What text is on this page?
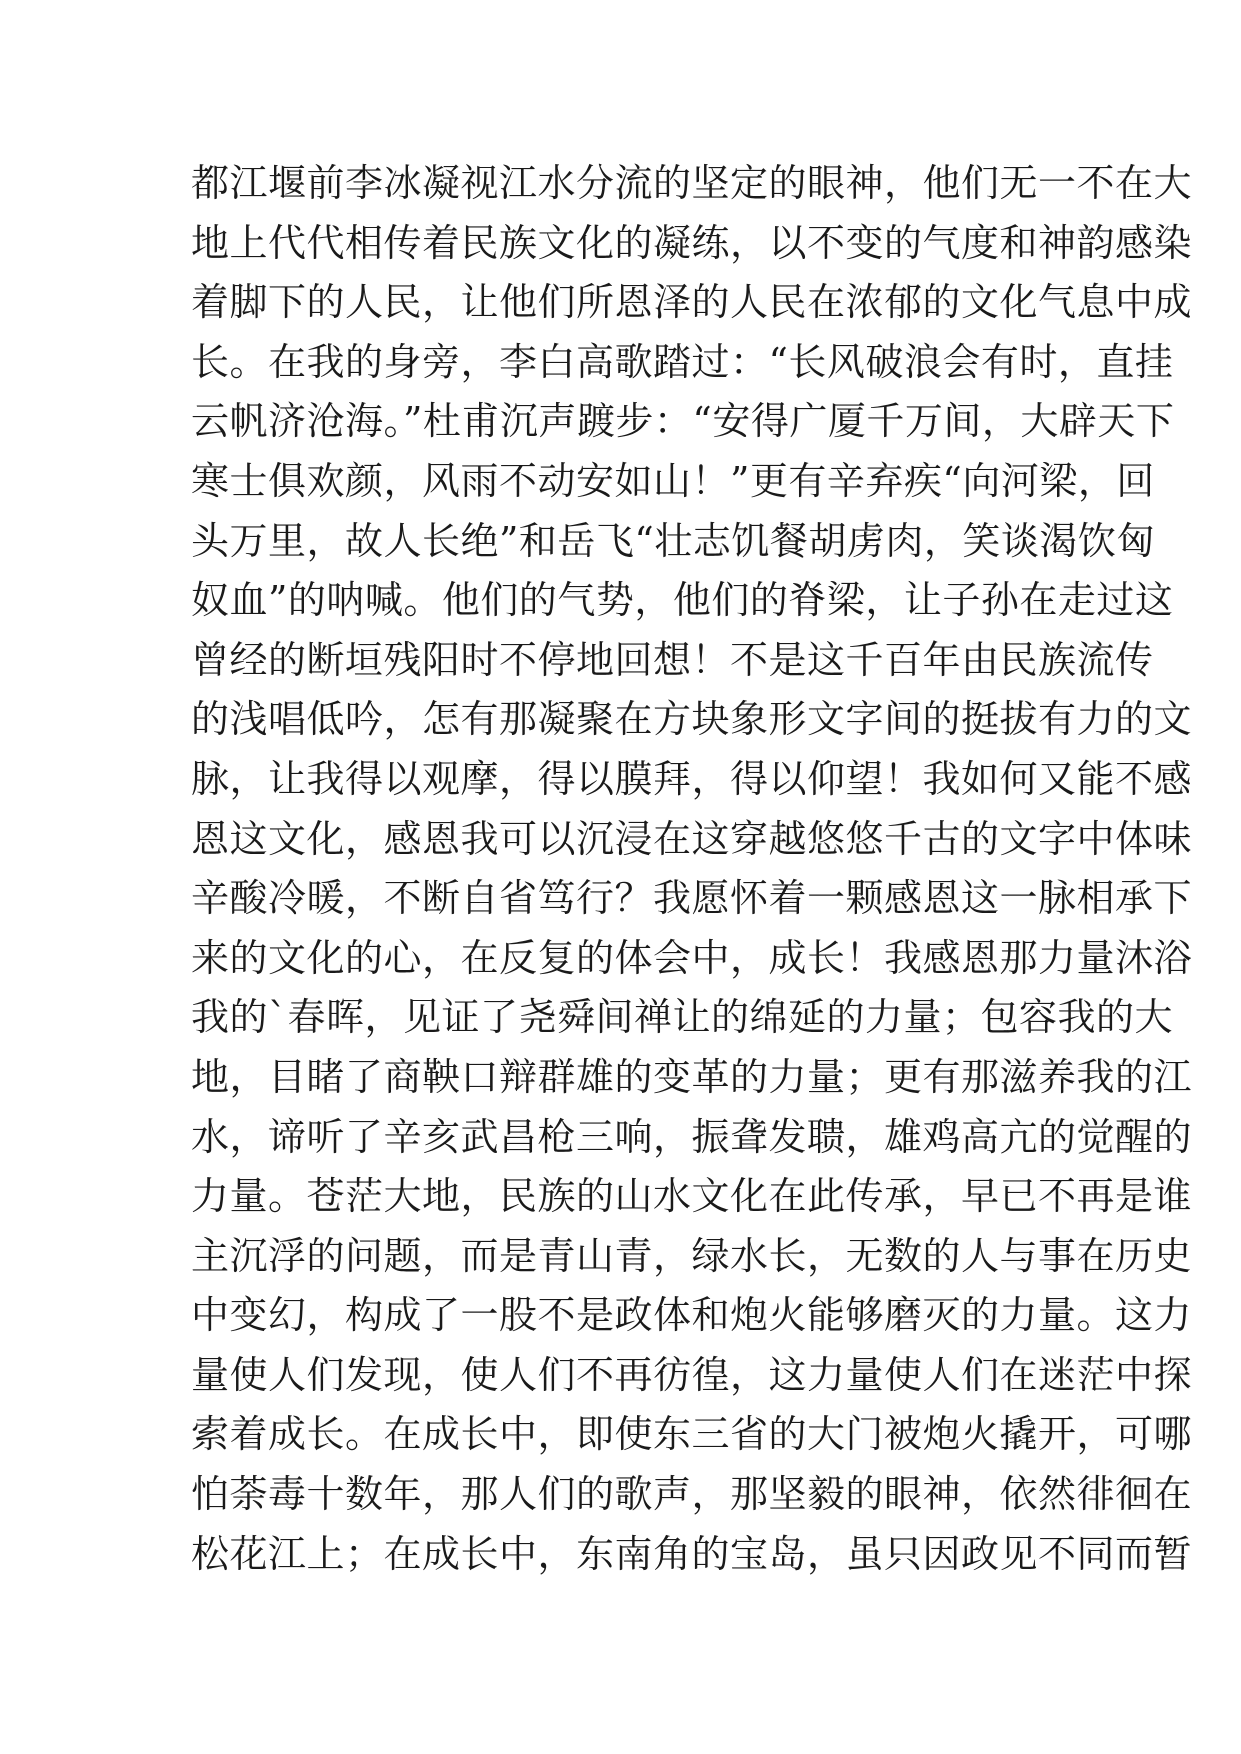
都江堰前李冰凝视江水分流的坚定的眼神，他们无一不在大
地上代代相传着民族文化的凝练，以不变的气度和神韵感染
着脚下的人民，让他们所恩泽的人民在浓郁的文化气息中成
长。在我的身旁，李白高歌踏过：“长风破浪会有时，直挂
云帆济沧海。”杜甫沉声踱步：“安得广厦千万间，大辟天下
寒士俱欢颜，风雨不动安如山！”更有辛弃疾“向河梁，回
头万里，故人长绝”和岳飞“壮志饥餐胡虏肉，笑谈渴饮匈
奴血”的呐喊。他们的气势，他们的脊梁，让子孙在走过这
曾经的断垣残阳时不停地回想！不是这千百年由民族流传
的浅唱低吟，怎有那凝聚在方块象形文字间的挺拔有力的文
脉，让我得以观摩，得以膜拜，得以仰望！我如何又能不感
恩这文化，感恩我可以沉浸在这穿越悠悠千古的文字中体味
辛酸冷暖，不断自省笃行？我愿怀着一颗感恩这一脉相承下
来的文化的心，在反复的体会中，成长！我感恩那力量沐浴
我的`春晖，见证了尧舜间禅让的绵延的力量；包容我的大
地，目睹了商鞅口辩群雄的变革的力量；更有那滋养我的江
水，谛听了辛亥武昌枪三响，振聋发聩，雄鸡高亢的觉醒的
力量。苍茫大地，民族的山水文化在此传承，早已不再是谁
主沉浮的问题，而是青山青，绿水长，无数的人与事在历史
中变幻，构成了一股不是政体和炮火能够磨灭的力量。这力
量使人们发现，使人们不再彷徨，这力量使人们在迷茫中探
索着成长。在成长中，即使东三省的大门被炮火撬开，可哪
怕荼毒十数年，那人们的歌声，那坚毅的眼神，依然徘徊在
松花江上；在成长中，东南角的宝岛，虽只因政见不同而暂
